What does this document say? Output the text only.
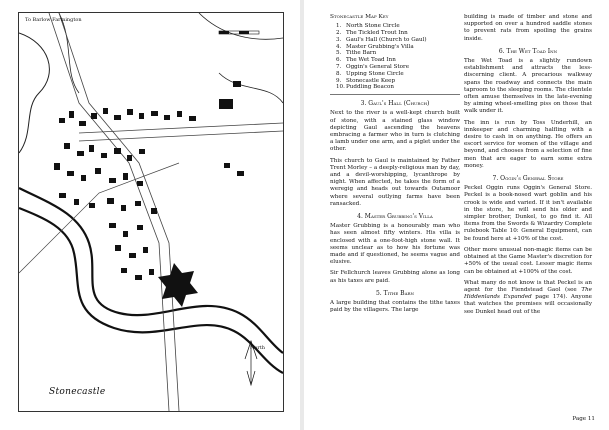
To Barlow Farmington
North
Stonecastle
Stonecastle Map Key
1. North Stone Circle
2. The Tickled Trout Inn
3. Gaul's Hall (Church to Gaul)
4. Master Grubbing's Villa
5. Tithe Barn
6. The Wet Toad Inn
7. Oggin's General Store
8. Upping Stone Circle
9. Stonecastle Keep
10.Puddling Beacon
3. Gaul's Hall (Church)

Next to the river is a well-kept church built of stone, with a stained glass window depicting Gaul ascending the heavens embracing a farmer who in turn is clutching a lamb under one arm, and a piglet under the other.

This church to Gaul is maintained by Father Trent Morley – a deeply-religious man by day, and a devil-worshipping, lycanthrope by night. When affected, he takes the form of a weregig and heads out towards Outamoor where several outlying farms have been ransacked.

4. Master Grubbing's Villa

Master Grubbing is a honourably man who has seen almost fifty winters. His villa is enclosed with a one-foot-high stone wall. It seems unclear as to how his fortune was made and if questioned, he seems vague and elusive.

Sir Fellchurch leaves Grubbing alone as long as his taxes are paid.

5. Tithe Barn

A large building that contains the tithe taxes paid by the villagers. The large

building is made of timber and stone and supported on over a hundred saddle stones to prevent rats from spoiling the grains inside.

6. The Wet Toad Inn

The Wet Toad is a slightly rundown establishment and attracts the less-discerning client. A precarious walkway spans the roadway and connects the main taproom to the sleeping rooms. The clientele often amuse themselves in the late-evening by aiming wheel-smelling piss on those that walk under it.

The inn is run by Toss Underhill, an innkeeper and charming halfling with a desire to cash in on anything. He offers an escort service for women of the village and beyond, and chooses from a selection of fine men that are eager to earn some extra money.

7. Oggin's General Store

Peckel Oggin runs Oggin's General Store. Peckel is a book-nosed wart goblin and his crook is wide and varied. If it isn't available in the store, he will send his older and simpler brother, Dunkel, to go find it. All items from the Swords & Wizardry Complete rulebook Table 10: General Equipment, can be found here at +10% of the cost.

Other more unusual non-magic items can be obtained at the Game Master's discretion for +50% of the usual cost. Lesser magic items can be obtained at +100% of the cost.

What many do not know is that Peckel is an agent for the Fiendstead Gaol (see The Hiddenlands Expanded page 174). Anyone that watches the premises will occasionally see Dunkel head out of the

Page 11
